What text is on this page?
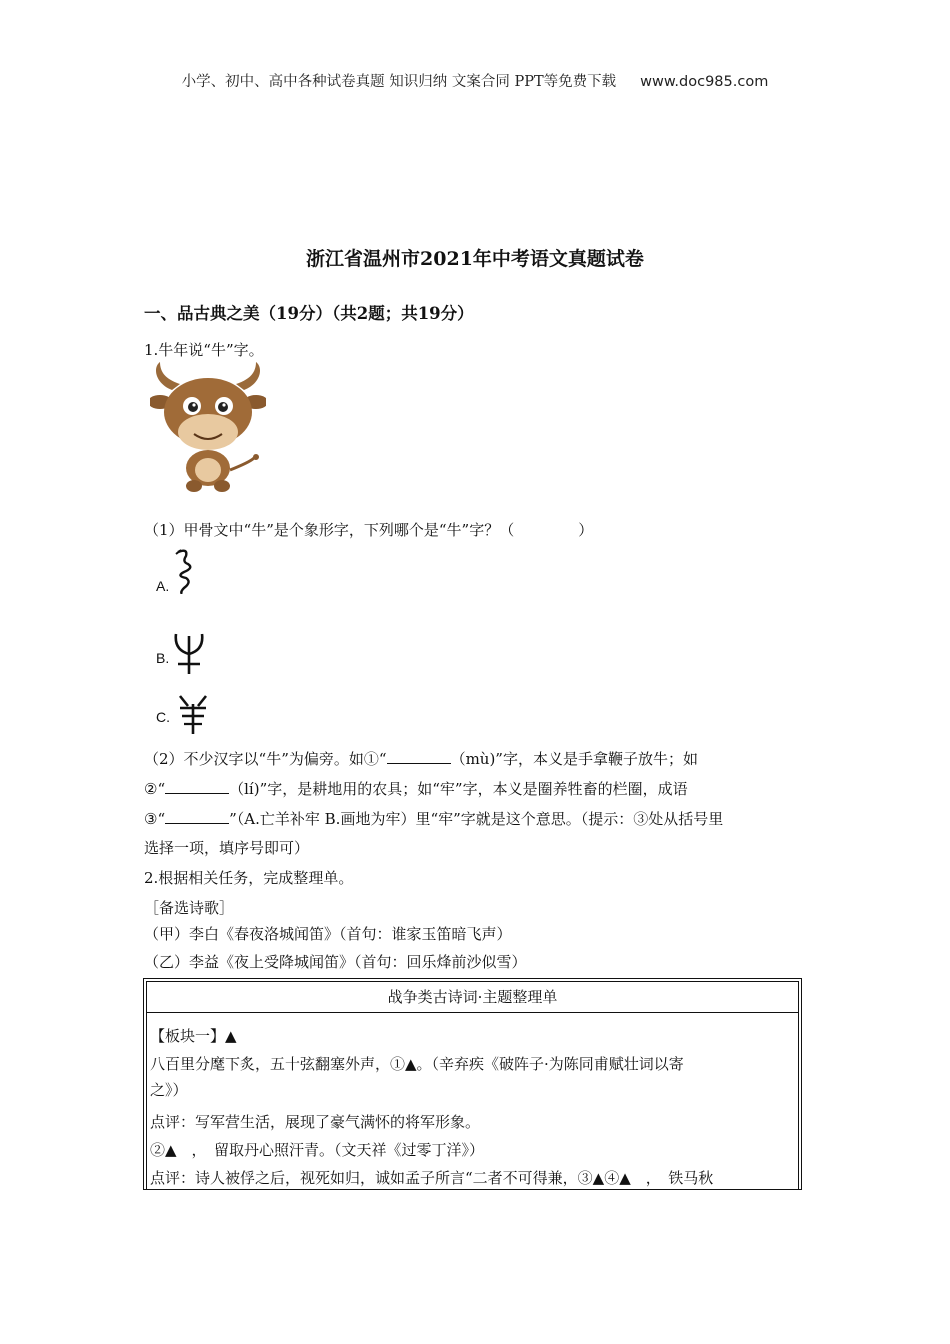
小学、初中、高中各种试卷真题 知识归纳 文案合同 PPT等免费下载 www.doc985.com
浙江省温州市2021年中考语文真题试卷
一、品古典之美（19分）（共2题；共19分）
1.牛年说“牛”字。
（1）甲骨文中“牛”是个象形字，下列哪个是“牛”字？（	）
A.
B.
C.
（2）不少汉字以“牛”为偏旁。如①“	（mù)”字，本义是手拿鞭子放牛；如
②“	（lí)”字，是耕地用的农具；如“牢”字，本义是圈养牲畜的栏圈，成语
③“	”（A.亡羊补牢 B.画地为牢）里“牢”字就是这个意思。（提示：③处从括号里
选择一项，填序号即可）
2.根据相关任务，完成整理单。
［备选诗歌］
（甲）李白《春夜洛城闻笛》（首句：谁家玉笛暗飞声）
（乙）李益《夜上受降城闻笛》（首句：回乐烽前沙似雪）
战争类古诗词·主题整理单
【板块一】▲
八百里分麾下炙，五十弦翻塞外声，①▲。（辛弃疾《破阵子·为陈同甫赋壮词以寄
之》）
点评：写军营生活，展现了豪气满怀的将军形象。
②▲　，　留取丹心照汗青。（文天祥《过零丁洋》）
点评：诗人被俘之后，视死如归，诚如孟子所言“二者不可得兼，③▲④▲　，　铁马秋
